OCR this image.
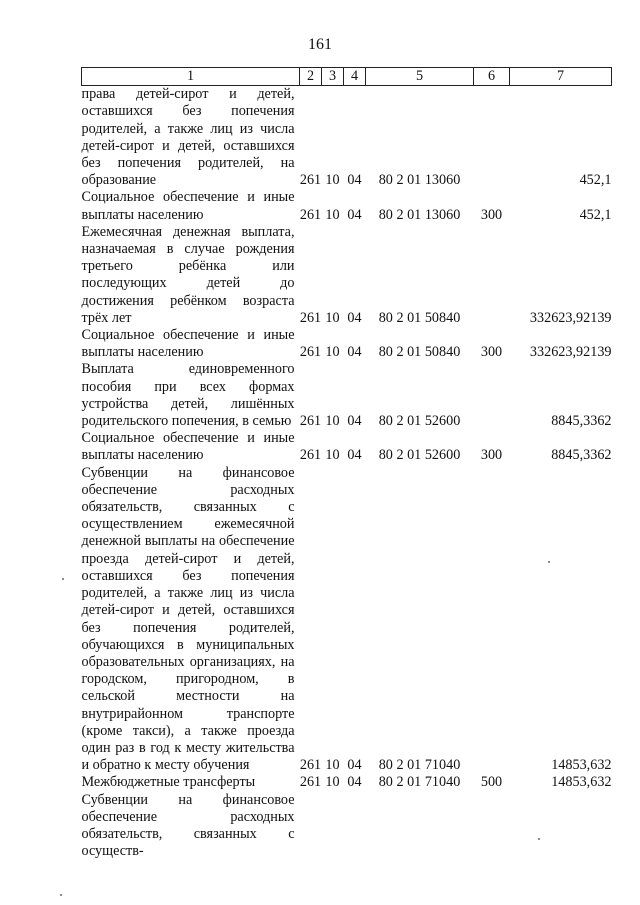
161
1	2	3	4	5	6	7
права детей-сирот и детей, оставшихся без попечения родителей, а также лиц из числа детей-сирот и детей, оставшихся без попечения родителей, на образование	261	10	04	80 2 01 13060		452,1
Социальное обеспечение и иные выплаты населению	261	10	04	80 2 01 13060	300	452,1
Ежемесячная денежная выплата, назначаемая в случае рождения третьего ребёнка или последующих детей до достижения ребёнком возраста трёх лет	261	10	04	80 2 01 50840		332623,92139
Социальное обеспечение и иные выплаты населению	261	10	04	80 2 01 50840	300	332623,92139
Выплата единовременного пособия при всех формах устройства детей, лишённых родительского попечения, в семью	261	10	04	80 2 01 52600		8845,3362
Социальное обеспечение и иные выплаты населению	261	10	04	80 2 01 52600	300	8845,3362
Субвенции на финансовое обеспечение расходных обязательств, связанных с осуществлением ежемесячной денежной выплаты на обеспечение проезда детей-сирот и детей, оставшихся без попечения родителей, а также лиц из числа детей-сирот и детей, оставшихся без попечения родителей, обучающихся в муниципальных образовательных организациях, на городском, пригородном, в сельской местности на внутрирайонном транспорте (кроме такси), а также проезда один раз в год к месту жительства и обратно к месту обучения	261	10	04	80 2 01 71040		14853,632
Межбюджетные трансферты	261	10	04	80 2 01 71040	500	14853,632
Субвенции на финансовое обеспечение расходных обязательств, связанных с осуществ-						
